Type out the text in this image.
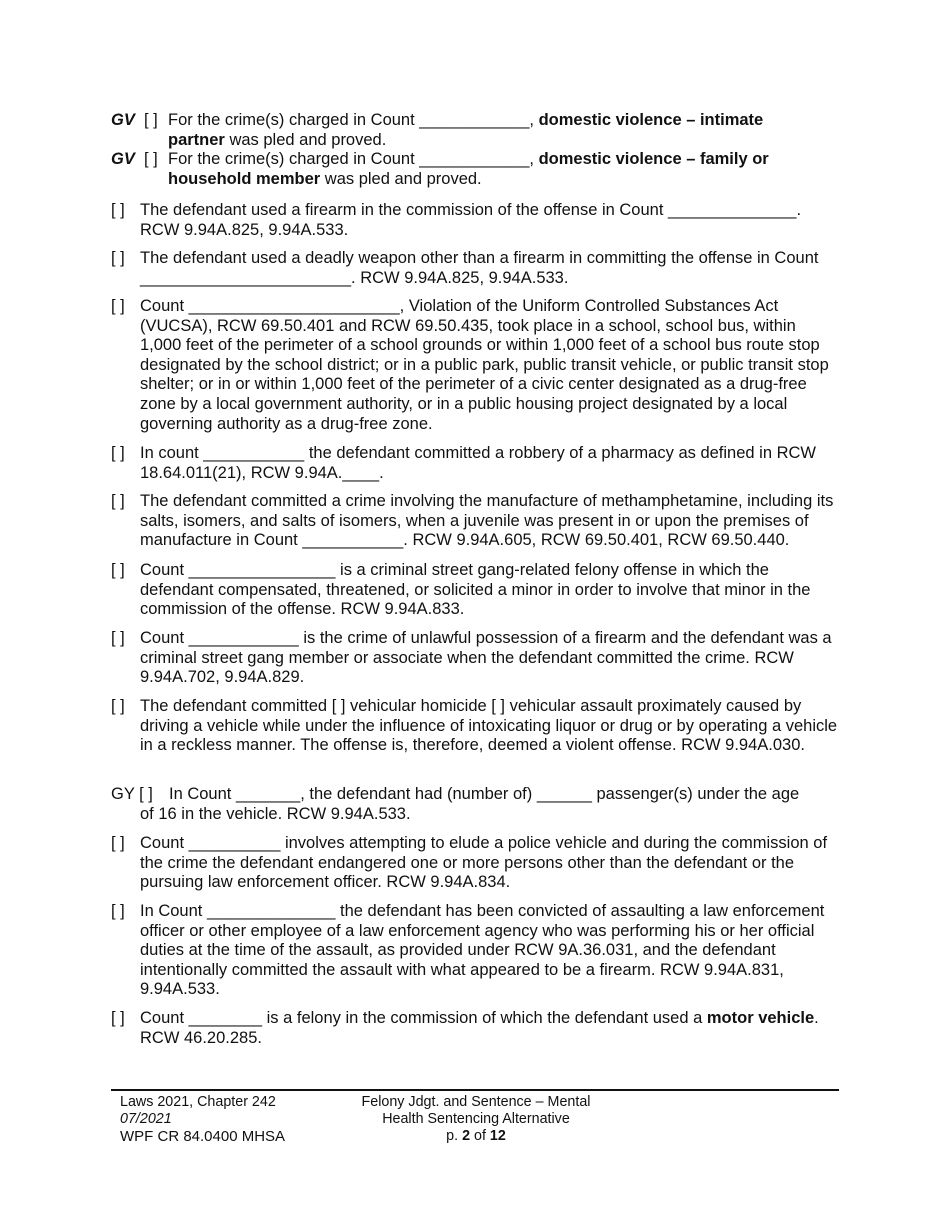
GV [ ] For the crime(s) charged in Count ____________, domestic violence – intimate
partner was pled and proved.
GV [ ] For the crime(s) charged in Count ____________, domestic violence – family or
household member was pled and proved.
[ ] The defendant used a firearm in the commission of the offense in Count ______________. RCW 9.94A.825, 9.94A.533.
[ ] The defendant used a deadly weapon other than a firearm in committing the offense in Count _______________________. RCW 9.94A.825, 9.94A.533.
[ ] Count _______________________, Violation of the Uniform Controlled Substances Act (VUCSA), RCW 69.50.401 and RCW 69.50.435, took place in a school, school bus, within 1,000 feet of the perimeter of a school grounds or within 1,000 feet of a school bus route stop designated by the school district; or in a public park, public transit vehicle, or public transit stop shelter; or in or within 1,000 feet of the perimeter of a civic center designated as a drug-free zone by a local government authority, or in a public housing project designated by a local governing authority as a drug-free zone.
[ ] In count ___________ the defendant committed a robbery of a pharmacy as defined in RCW 18.64.011(21), RCW 9.94A.____.
[ ] The defendant committed a crime involving the manufacture of methamphetamine, including its salts, isomers, and salts of isomers, when a juvenile was present in or upon the premises of manufacture in Count ___________. RCW 9.94A.605, RCW 69.50.401, RCW 69.50.440.
[ ] Count ________________ is a criminal street gang-related felony offense in which the defendant compensated, threatened, or solicited a minor in order to involve that minor in the commission of the offense. RCW 9.94A.833.
[ ] Count ____________ is the crime of unlawful possession of a firearm and the defendant was a criminal street gang member or associate when the defendant committed the crime. RCW 9.94A.702, 9.94A.829.
[ ] The defendant committed [ ] vehicular homicide [ ] vehicular assault proximately caused by driving a vehicle while under the influence of intoxicating liquor or drug or by operating a vehicle in a reckless manner. The offense is, therefore, deemed a violent offense. RCW 9.94A.030.
GY [ ] In Count _______, the defendant had (number of) ______ passenger(s) under the age
of 16 in the vehicle. RCW 9.94A.533.
[ ] Count __________ involves attempting to elude a police vehicle and during the commission of the crime the defendant endangered one or more persons other than the defendant or the pursuing law enforcement officer. RCW 9.94A.834.
[ ] In Count ______________ the defendant has been convicted of assaulting a law enforcement officer or other employee of a law enforcement agency who was performing his or her official duties at the time of the assault, as provided under RCW 9A.36.031, and the defendant intentionally committed the assault with what appeared to be a firearm. RCW 9.94A.831, 9.94A.533.
[ ] Count ________ is a felony in the commission of which the defendant used a motor vehicle. RCW 46.20.285.
Laws 2021, Chapter 242
07/2021
WPF CR 84.0400 MHSA
Felony Jdgt. and Sentence – Mental
Health Sentencing Alternative
p. 2 of 12
